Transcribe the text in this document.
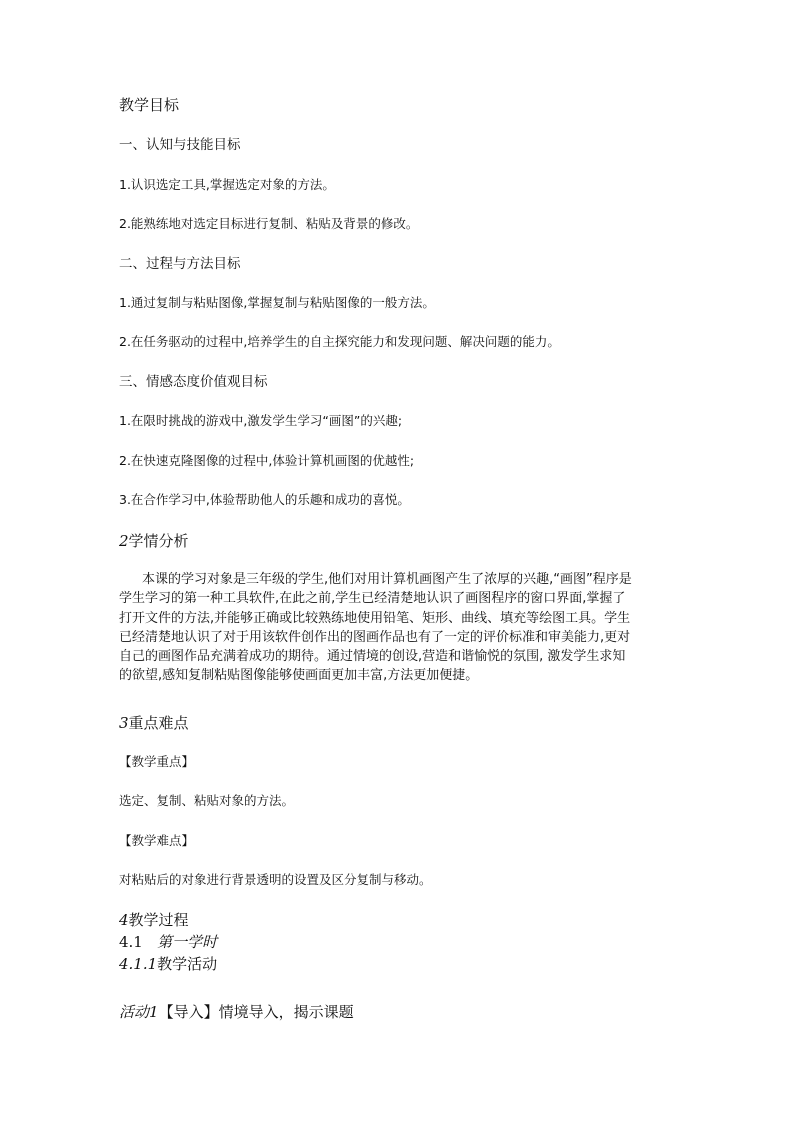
教学目标
一、认知与技能目标
1.认识选定工具,掌握选定对象的方法。
2.能熟练地对选定目标进行复制、粘贴及背景的修改。
二、过程与方法目标
1.通过复制与粘贴图像,掌握复制与粘贴图像的一般方法。
2.在任务驱动的过程中,培养学生的自主探究能力和发现问题、解决问题的能力。
三、情感态度价值观目标
1.在限时挑战的游戏中,激发学生学习“画图”的兴趣;
2.在快速克隆图像的过程中,体验计算机画图的优越性;
3.在合作学习中,体验帮助他人的乐趣和成功的喜悦。
2学情分析
本课的学习对象是三年级的学生,他们对用计算机画图产生了浓厚的兴趣,“画图”程序是
学生学习的第一种工具软件,在此之前,学生已经清楚地认识了画图程序的窗口界面,掌握了
打开文件的方法,并能够正确或比较熟练地使用铅笔、矩形、曲线、填充等绘图工具。学生
已经清楚地认识了对于用该软件创作出的图画作品也有了一定的评价标准和审美能力,更对
自己的画图作品充满着成功的期待。通过情境的创设,营造和谐愉悦的氛围, 激发学生求知
的欲望,感知复制粘贴图像能够使画面更加丰富,方法更加便捷。
3重点难点
【教学重点】
选定、复制、粘贴对象的方法。
【教学难点】
对粘贴后的对象进行背景透明的设置及区分复制与移动。
4教学过程
4.1 第一学时
4.1.1教学活动
活动1【导入】情境导入，揭示课题
